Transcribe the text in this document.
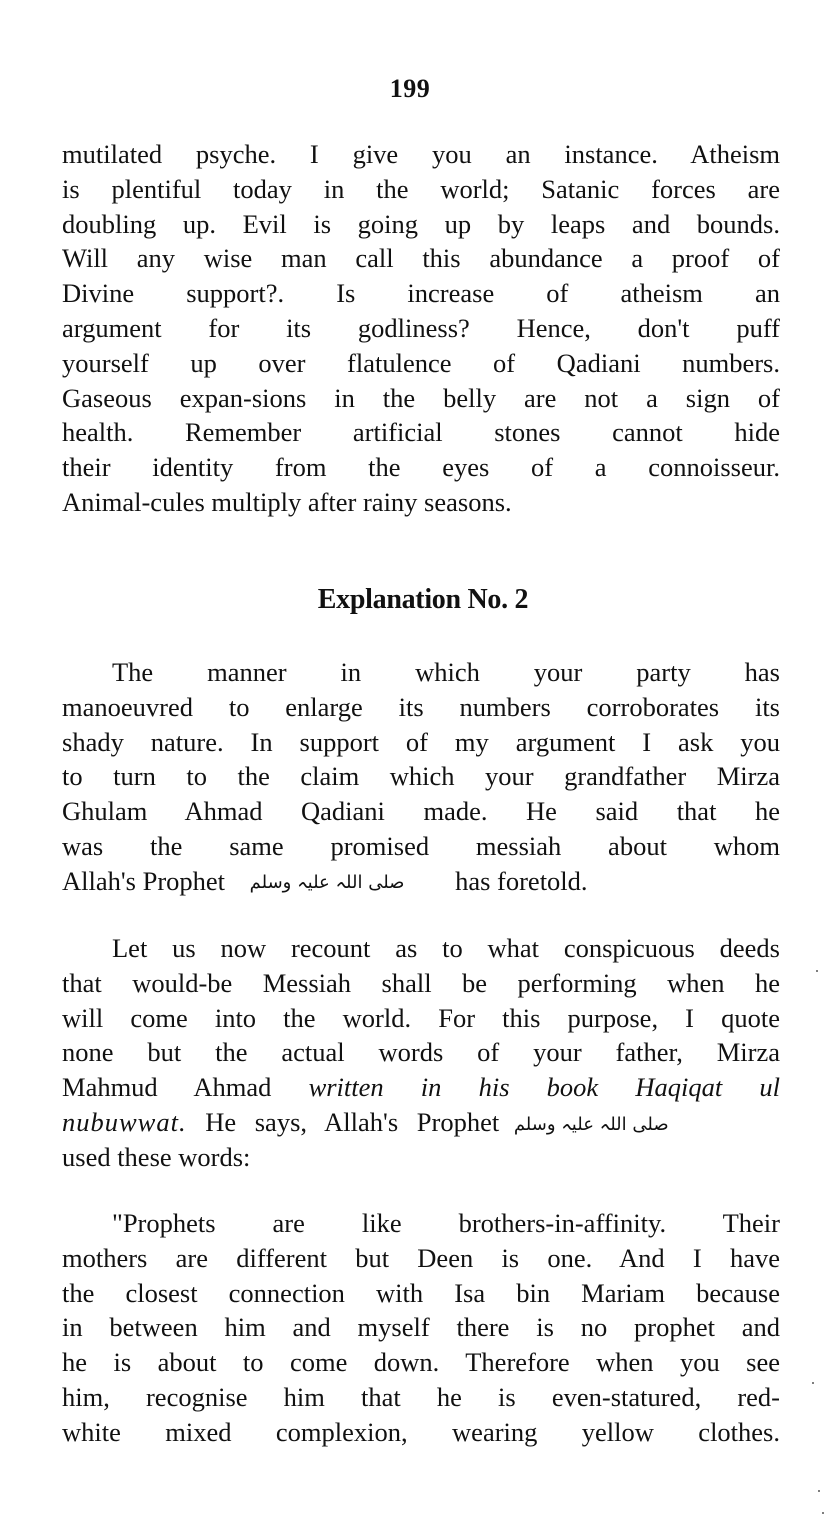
199
mutilated psyche. I give you an instance. Atheism
is plentiful today in the world; Satanic forces are
doubling up. Evil is going up by leaps and bounds.
Will any wise man call this abundance a proof of
Divine support?. Is increase of atheism an
argument for its godliness? Hence, don't puff
yourself up over flatulence of Qadiani numbers.
Gaseous expan-sions in the belly are not a sign of
health. Remember artificial stones cannot hide
their identity from the eyes of a connoisseur.
Animal-cules multiply after rainy seasons.
Explanation No. 2
The manner in which your party has
manoeuvred to enlarge its numbers corroborates its
shady nature. In support of my argument I ask you
to turn to the claim which your grandfather Mirza
Ghulam Ahmad Qadiani made. He said that he
was the same promised messiah about whom
Allah's Prophet صلی اللہ علیہ وسلم has foretold.
Let us now recount as to what conspicuous deeds
that would-be Messiah shall be performing when he
will come into the world. For this purpose, I quote
none but the actual words of your father, Mirza
Mahmud Ahmad written in his book Haqiqat ul
nubuwwat. He says, Allah's Prophet صلی اللہ علیہ وسلم
used these words:
"Prophets are like brothers-in-affinity. Their
mothers are different but Deen is one. And I have
the closest connection with Isa bin Mariam because
in between him and myself there is no prophet and
he is about to come down. Therefore when you see
him, recognise him that he is even-statured, red-
white mixed complexion, wearing yellow clothes.
